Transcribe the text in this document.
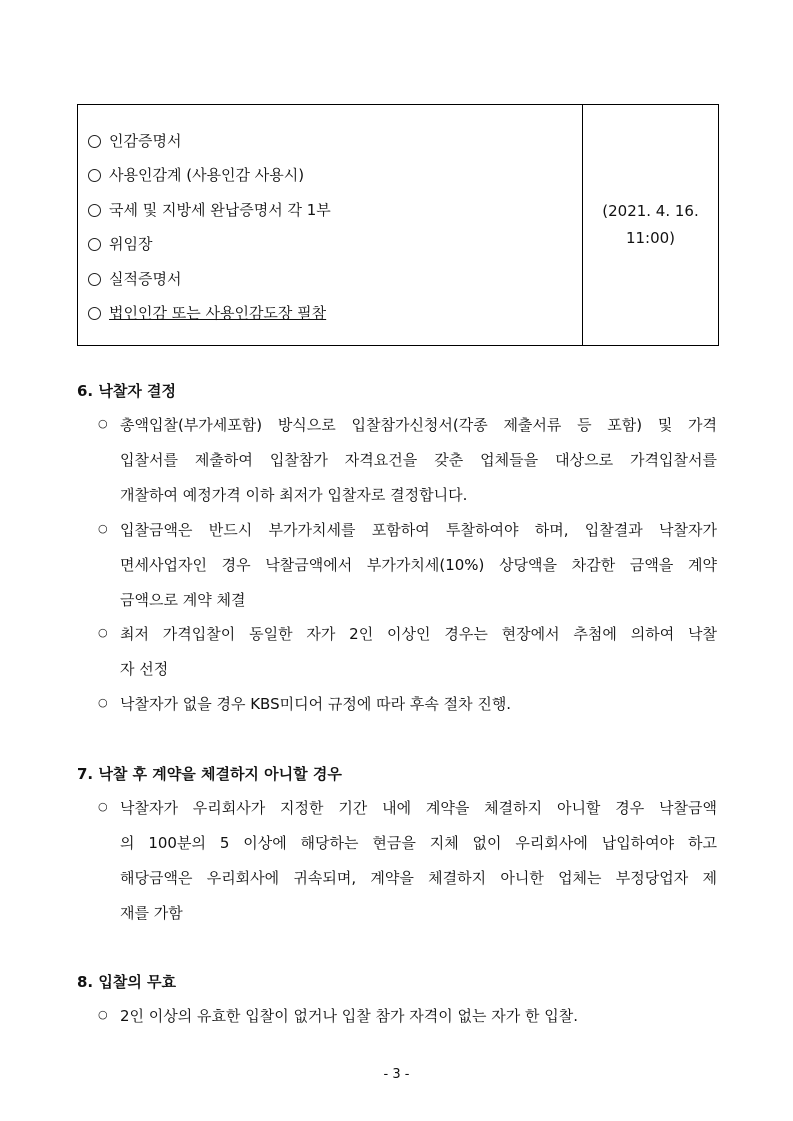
인감증명서
사용인감계 (사용인감 사용시)
국세 및 지방세 완납증명서 각 1부
위임장
실적증명서
법인인감 또는 사용인감도장 필참
(2021. 4. 16.
11:00)
6. 낙찰자 결정
○ 총액입찰(부가세포함) 방식으로 입찰참가신청서(각종 제출서류 등 포함) 및 가격
입찰서를 제출하여 입찰참가 자격요건을 갖춘 업체들을 대상으로 가격입찰서를
개찰하여 예정가격 이하 최저가 입찰자로 결정합니다.
○ 입찰금액은 반드시 부가가치세를 포함하여 투찰하여야 하며, 입찰결과 낙찰자가
면세사업자인 경우 낙찰금액에서 부가가치세(10%) 상당액을 차감한 금액을 계약
금액으로 계약 체결
○ 최저 가격입찰이 동일한 자가 2인 이상인 경우는 현장에서 추첨에 의하여 낙찰
자 선정
○ 낙찰자가 없을 경우 KBS미디어 규정에 따라 후속 절차 진행.
7. 낙찰 후 계약을 체결하지 아니할 경우
○ 낙찰자가 우리회사가 지정한 기간 내에 계약을 체결하지 아니할 경우 낙찰금액
의 100분의 5 이상에 해당하는 현금을 지체 없이 우리회사에 납입하여야 하고
해당금액은 우리회사에 귀속되며, 계약을 체결하지 아니한 업체는 부정당업자 제
재를 가함
8. 입찰의 무효
○ 2인 이상의 유효한 입찰이 없거나 입찰 참가 자격이 없는 자가 한 입찰.
- 3 -
